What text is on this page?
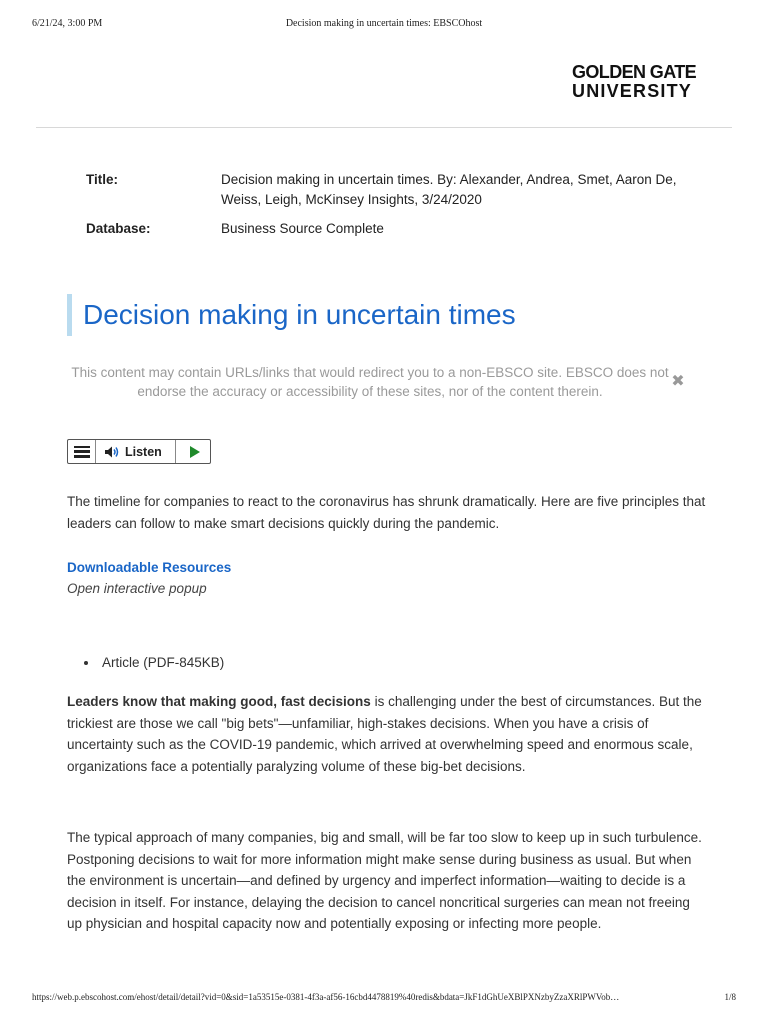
6/21/24, 3:00 PM	Decision making in uncertain times: EBSCOhost
GOLDEN GATE
UNIVERSITY
Title:	Decision making in uncertain times. By: Alexander, Andrea, Smet, Aaron De, Weiss, Leigh, McKinsey Insights, 3/24/2020
Database:	Business Source Complete
Decision making in uncertain times
This content may contain URLs/links that would redirect you to a non-EBSCO site. EBSCO does not endorse the accuracy or accessibility of these sites, nor of the content therein.
✖
Listen

The timeline for companies to react to the coronavirus has shrunk dramatically. Here are five principles that leaders can follow to make smart decisions quickly during the pandemic.

Downloadable Resources
Open interactive popup
Article (PDF-845KB)

Leaders know that making good, fast decisions is challenging under the best of circumstances. But the trickiest are those we call "big bets"—unfamiliar, high-stakes decisions. When you have a crisis of uncertainty such as the COVID-19 pandemic, which arrived at overwhelming speed and enormous scale, organizations face a potentially paralyzing volume of these big-bet decisions.

The typical approach of many companies, big and small, will be far too slow to keep up in such turbulence. Postponing decisions to wait for more information might make sense during business as usual. But when the environment is uncertain—and defined by urgency and imperfect information—waiting to decide is a decision in itself. For instance, delaying the decision to cancel noncritical surgeries can mean not freeing up physician and hospital capacity now and potentially exposing or infecting more people.

https://web.p.ebscohost.com/ehost/detail/detail?vid=0&sid=1a53515e-0381-4f3a-af56-16cbd4478819%40redis&bdata=JkF1dGhUeXBlPXNzbyZzaXRlPWVob…	1/8
